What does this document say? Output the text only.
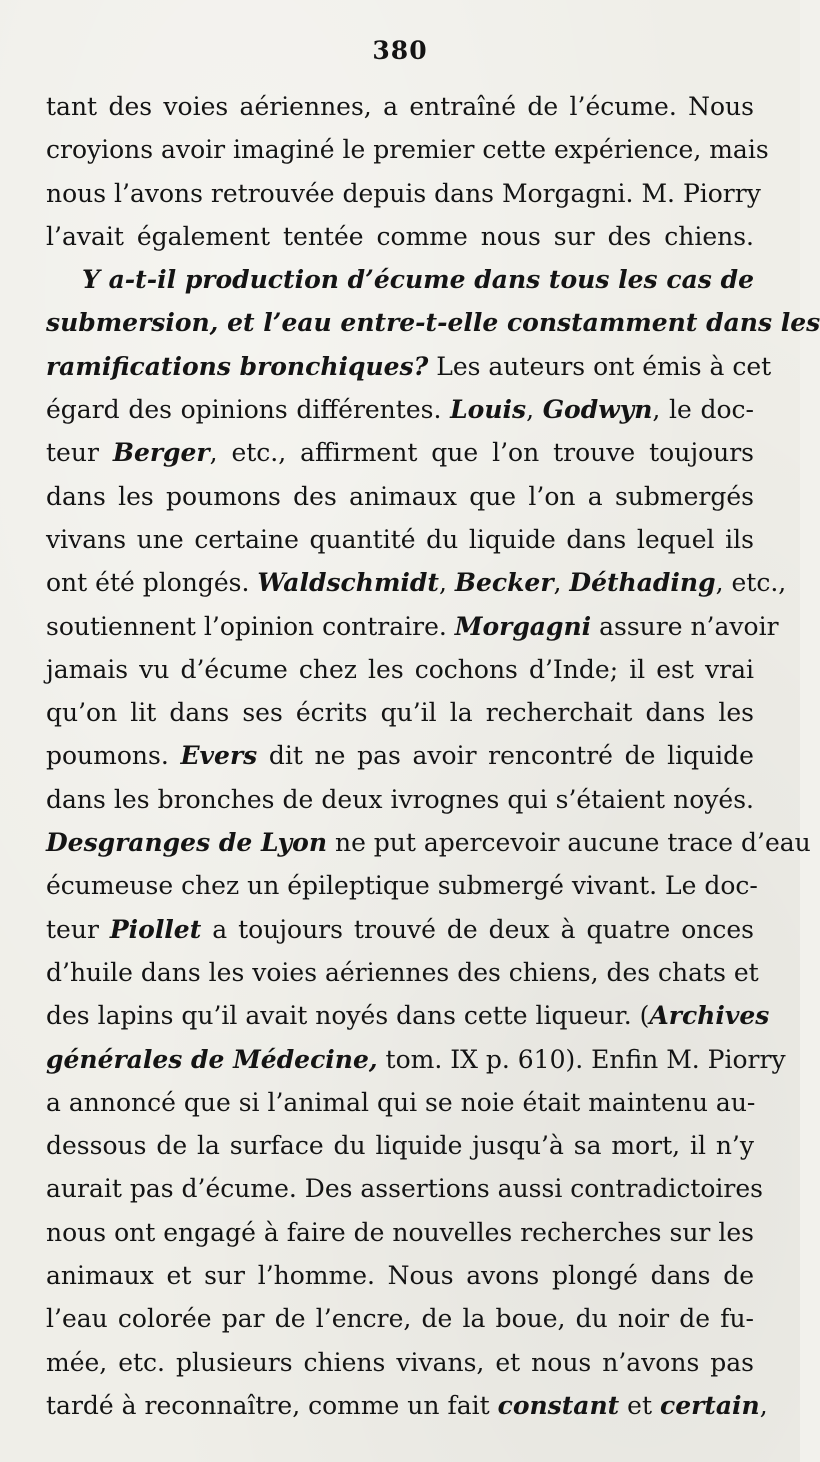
380
tant des voies aériennes, a entraîné de l’écume. Nous
croyions avoir imaginé le premier cette expérience, mais
nous l’avons retrouvée depuis dans Morgagni. M. Piorry
l’avait également tentée comme nous sur des chiens.
Y a-t-il production d’écume dans tous les cas de
submersion, et l’eau entre-t-elle constamment dans les
ramifications bronchiques? Les auteurs ont émis à cet
égard des opinions différentes. Louis, Godwyn, le doc-
teur Berger, etc., affirment que l’on trouve toujours
dans les poumons des animaux que l’on a submergés
vivans une certaine quantité du liquide dans lequel ils
ont été plongés. Waldschmidt, Becker, Déthading, etc.,
soutiennent l’opinion contraire. Morgagni assure n’avoir
jamais vu d’écume chez les cochons d’Inde; il est vrai
qu’on lit dans ses écrits qu’il la recherchait dans les
poumons. Evers dit ne pas avoir rencontré de liquide
dans les bronches de deux ivrognes qui s’étaient noyés.
Desgranges de Lyon ne put apercevoir aucune trace d’eau
écumeuse chez un épileptique submergé vivant. Le doc-
teur Piollet a toujours trouvé de deux à quatre onces
d’huile dans les voies aériennes des chiens, des chats et
des lapins qu’il avait noyés dans cette liqueur. (Archives
générales de Médecine, tom. IX p. 610). Enfin M. Piorry
a annoncé que si l’animal qui se noie était maintenu au-
dessous de la surface du liquide jusqu’à sa mort, il n’y
aurait pas d’écume. Des assertions aussi contradictoires
nous ont engagé à faire de nouvelles recherches sur les
animaux et sur l’homme. Nous avons plongé dans de
l’eau colorée par de l’encre, de la boue, du noir de fu-
mée, etc. plusieurs chiens vivans, et nous n’avons pas
tardé à reconnaître, comme un fait constant et certain,
